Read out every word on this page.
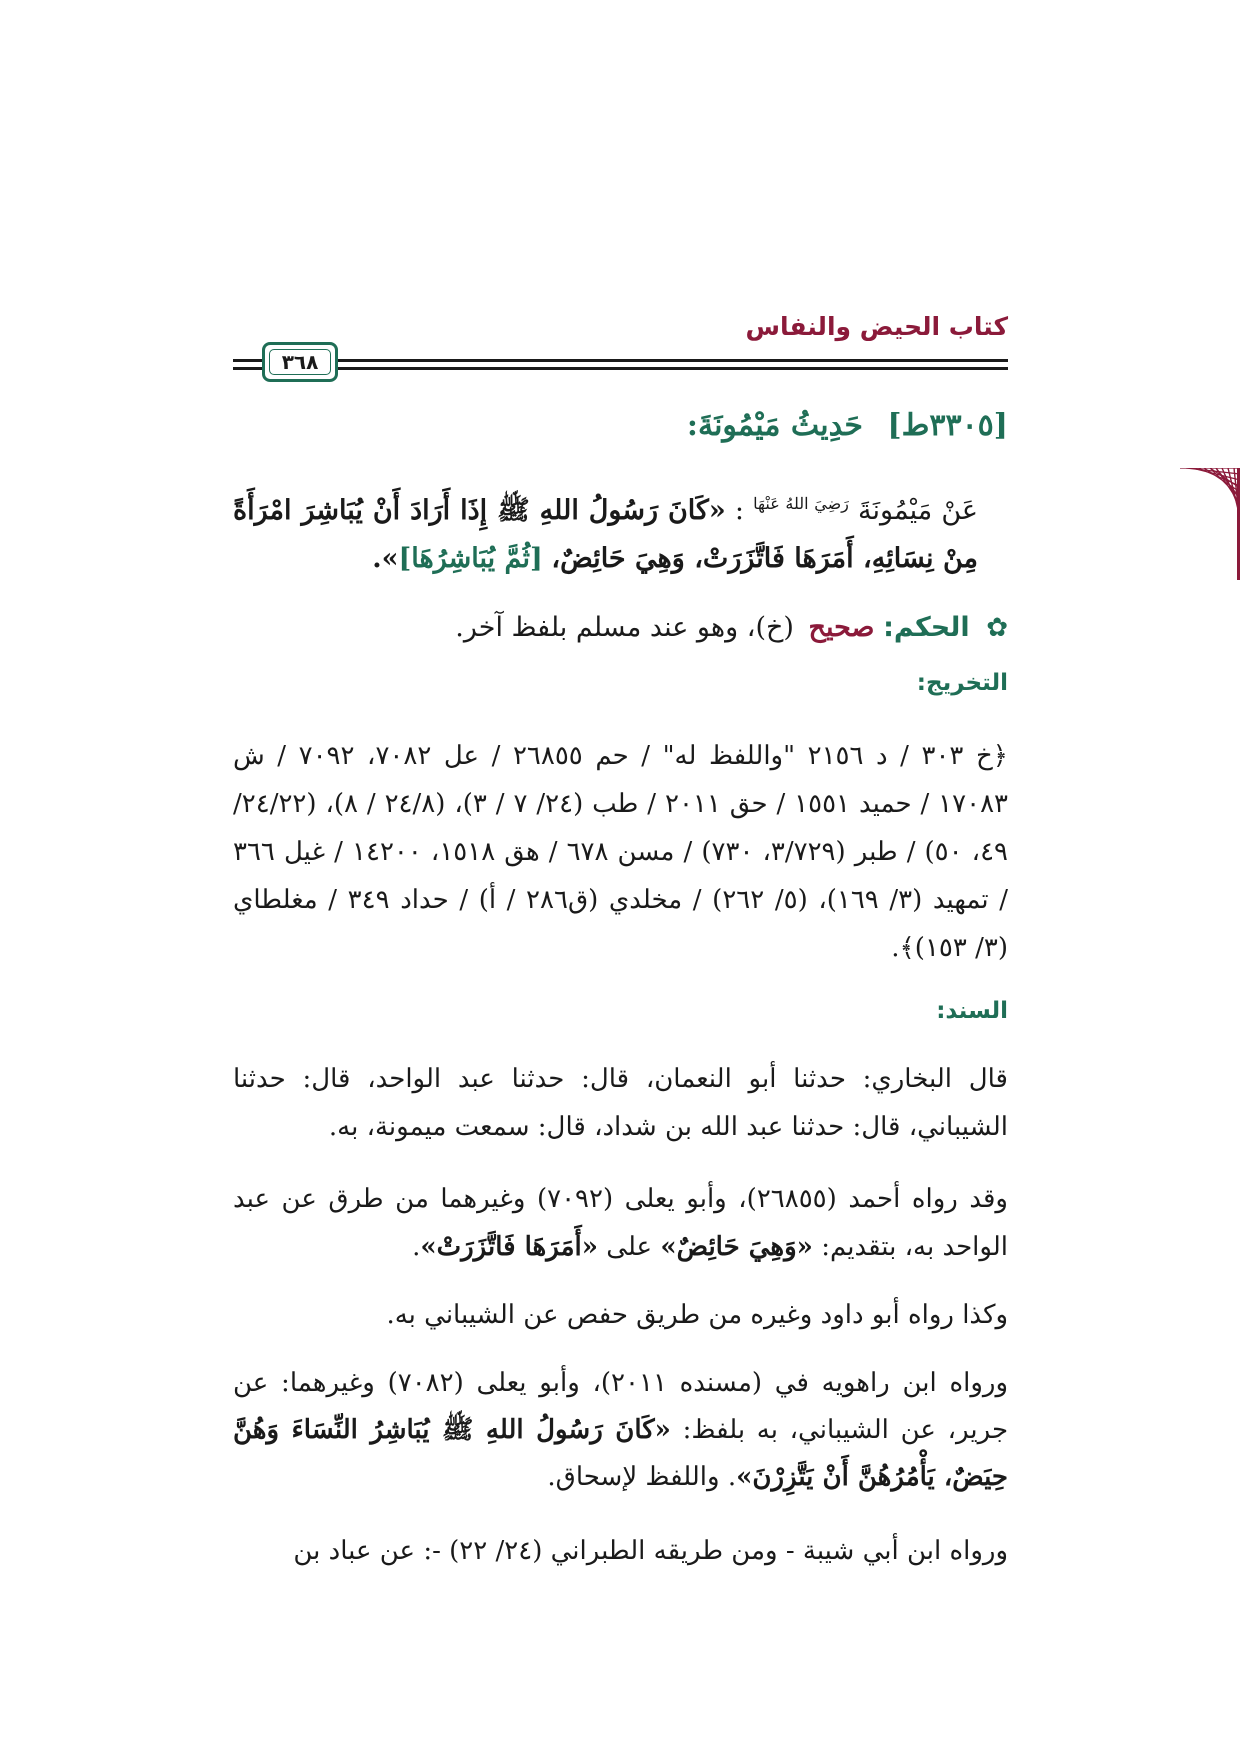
كتاب الحيض والنفاس
٣٦٨
[٣٣٠٥ط] حَدِيثُ مَيْمُونَةَ:
عَنْ مَيْمُونَةَ $^{رَضِيَ اللهُ عَنْهَا}$ : «كَانَ رَسُولُ اللهِ ﷺ إِذَا أَرَادَ أَنْ يُبَاشِرَ امْرَأَةً مِنْ نِسَائِهِ، أَمَرَهَا فَاتَّزَرَتْ، وَهِيَ حَائِضٌ، [ثُمَّ يُبَاشِرُهَا]».
✿ الحكم: صحيح (خ)، وهو عند مسلم بلفظ آخر.
التخريج:
﴿خ ٣٠٣ / د ٢١٥٦ "واللفظ له" / حم ٢٦٨٥٥ / عل ٧٠٨٢، ٧٠٩٢ / ش ١٧٠٨٣ / حميد ١٥٥١ / حق ٢٠١١ / طب (٢٤/ ٧ / ٣)، (٢٤/٨ / ٨)، (٢٤/٢٢/ ٤٩، ٥٠) / طبر (٣/٧٢٩، ٧٣٠) / مسن ٦٧٨ / هق ١٥١٨، ١٤٢٠٠ / غيل ٣٦٦ / تمهيد (٣/ ١٦٩)، (٥/ ٢٦٢) / مخلدي (ق٢٨٦ / أ) / حداد ٣٤٩ / مغلطاي (٣/ ١٥٣)﴾.
السند:
قال البخاري: حدثنا أبو النعمان، قال: حدثنا عبد الواحد، قال: حدثنا الشيباني، قال: حدثنا عبد الله بن شداد، قال: سمعت ميمونة، به.
وقد رواه أحمد (٢٦٨٥٥)، وأبو يعلى (٧٠٩٢) وغيرهما من طرق عن عبد الواحد به، بتقديم: «وَهِيَ حَائِضٌ» على «أَمَرَهَا فَاتَّزَرَتْ».
وكذا رواه أبو داود وغيره من طريق حفص عن الشيباني به.
ورواه ابن راهويه في (مسنده ٢٠١١)، وأبو يعلى (٧٠٨٢) وغيرهما: عن جرير، عن الشيباني، به بلفظ: «كَانَ رَسُولُ اللهِ ﷺ يُبَاشِرُ النِّسَاءَ وَهُنَّ حِيَضٌ، يَأْمُرُهُنَّ أَنْ يَتَّزِرْنَ». واللفظ لإسحاق.
ورواه ابن أبي شيبة - ومن طريقه الطبراني (٢٤/ ٢٢) -: عن عباد بن
